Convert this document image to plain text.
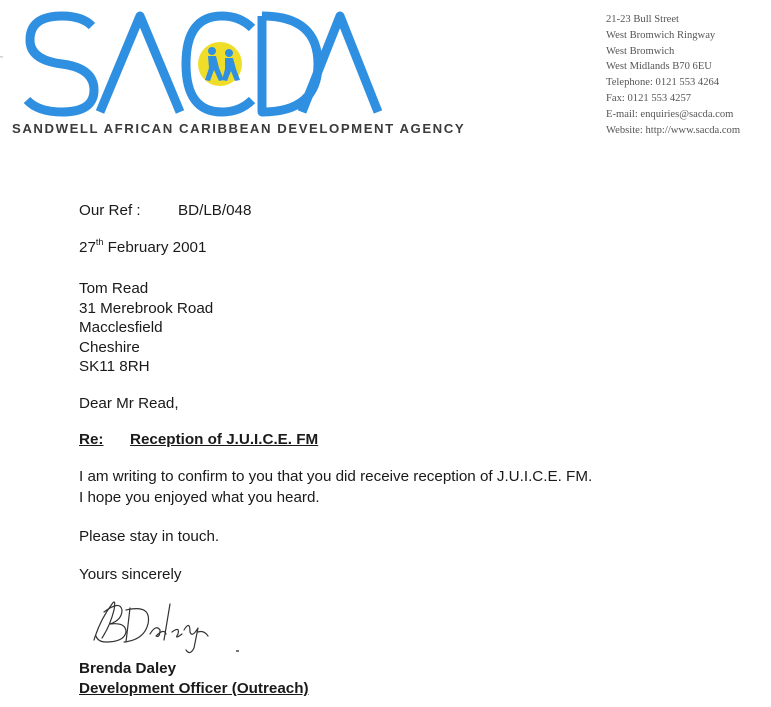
SANDWELL AFRICAN CARIBBEAN DEVELOPMENT AGENCY
21-23 Bull Street
West Bromwich Ringway
West Bromwich
West Midlands B70 6EU
Telephone: 0121 553 4264
Fax: 0121 553 4257
E-mail: enquiries@sacda.com
Website: http://www.sacda.com
ˇ
Our Ref : BD/LB/048
27th February 2001
Tom Read
31 Merebrook Road
Macclesfield
Cheshire
SK11 8RH
Dear Mr Read,
Re: Reception of J.U.I.C.E. FM
I am writing to confirm to you that you did receive reception of J.U.I.C.E. FM.
I hope you enjoyed what you heard.
Please stay in touch.
Yours sincerely
Brenda Daley
Development Officer (Outreach)
